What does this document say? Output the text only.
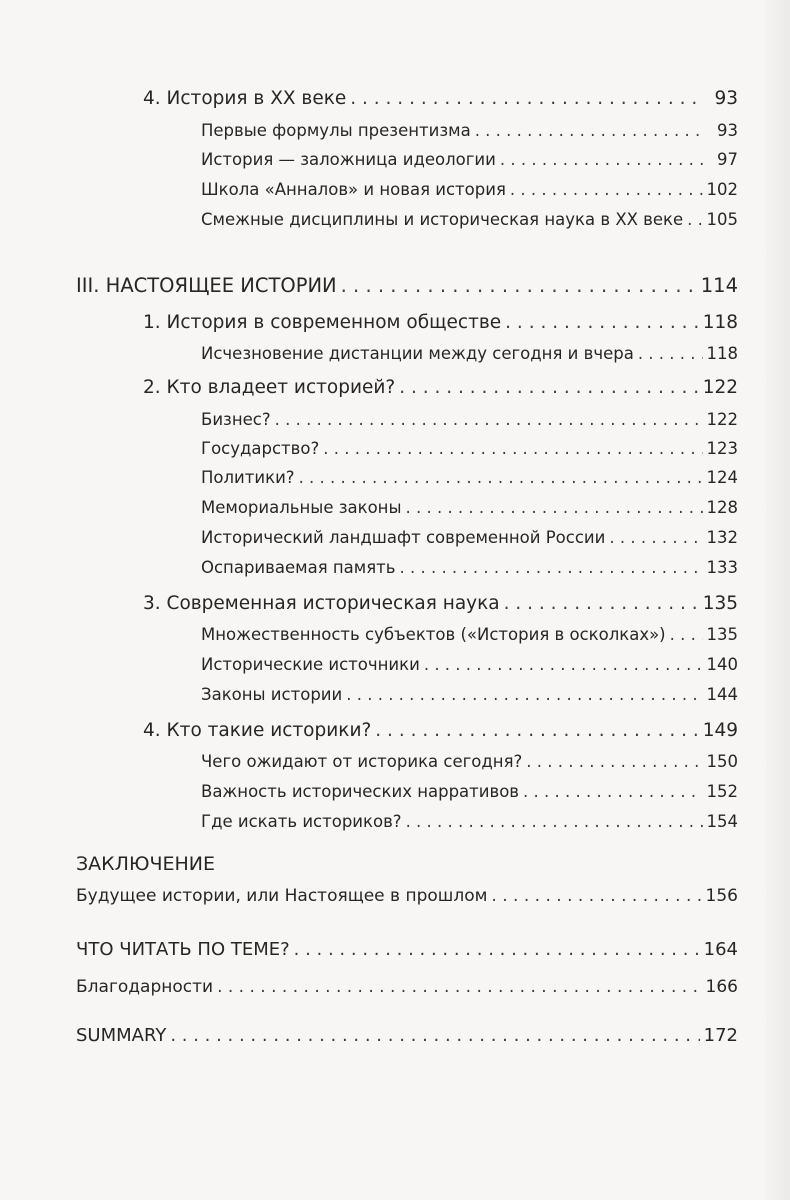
4. История в XX веке . . .	93
Первые формулы презентизма . . .	93
История — заложница идеологии . . .	97
Школа «Анналов» и новая история . . .	102
Смежные дисциплины и историческая наука в XX веке . . . 105
III. НАСТОЯЩЕЕ ИСТОРИИ . . .	114
1. История в современном обществе . . .	118
Исчезновение дистанции между сегодня и вчера . . .	118
2. Кто владеет историей? . . .	122
Бизнес? . . .	122
Государство? . . .	123
Политики? . . .	124
Мемориальные законы . . .	128
Исторический ландшафт современной России . . .	132
Оспариваемая память . . .	133
3. Современная историческая наука . . .	135
Множественность субъектов («История в осколках») . . . 135
Исторические источники . . .	140
Законы истории . . .	144
4. Кто такие историки? . . .	149
Чего ожидают от историка сегодня? . . .	150
Важность исторических нарративов . . .	152
Где искать историков? . . .	154
ЗАКЛЮЧЕНИЕ
Будущее истории, или Настоящее в прошлом . . .	156
ЧТО ЧИТАТЬ ПО ТЕМЕ? . . .	164
Благодарности . . .	166
SUMMARY . . .	172
